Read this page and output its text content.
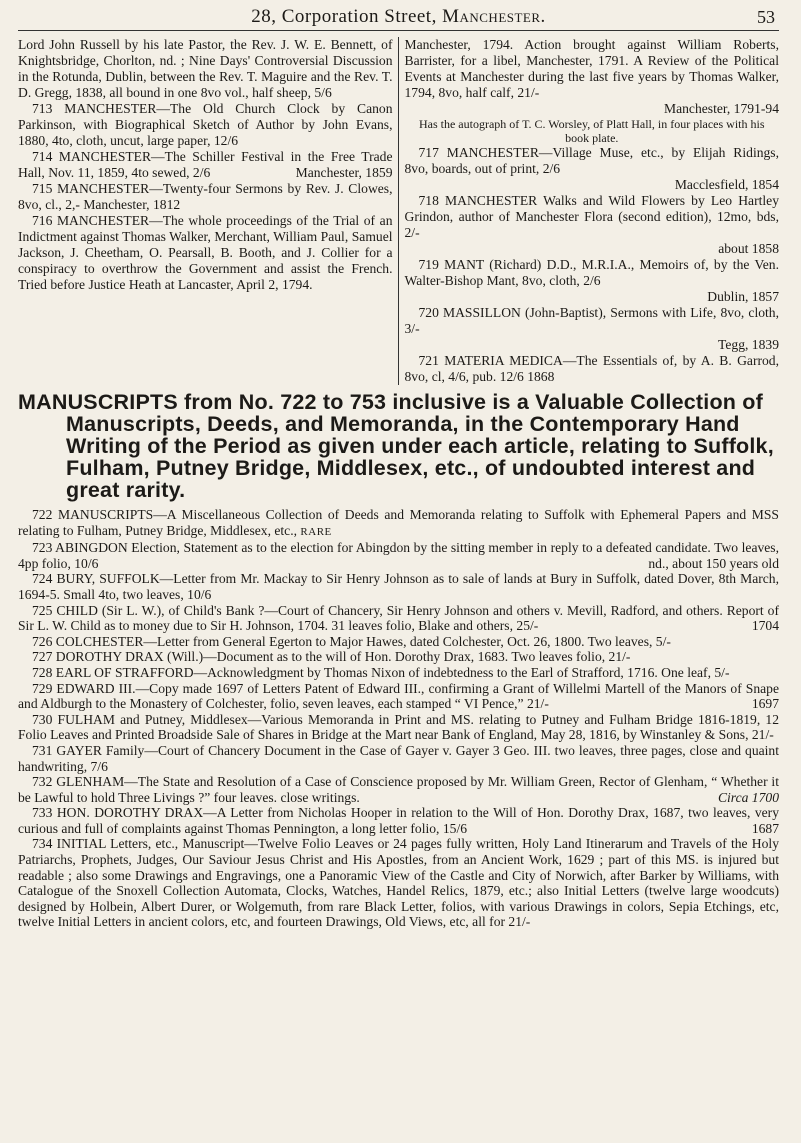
28, Corporation Street, Manchester.	53

Lord John Russell by his late Pastor, the Rev. J. W. E. Bennett, of Knightsbridge, Chorlton, nd. ; Nine Days' Controversial Discussion in the Rotunda, Dublin, between the Rev. T. Maguire and the Rev. T. D. Gregg, 1838, all bound in one 8vo vol., half sheep, 5/6

713 MANCHESTER—The Old Church Clock by Canon Parkinson, with Biographical Sketch of Author by John Evans, 1880, 4to, cloth, uncut, large paper, 12/6

714 MANCHESTER—The Schiller Festival in the Free Trade Hall, Nov. 11, 1859, 4to sewed, 2/6	Manchester, 1859

715 MANCHESTER—Twenty-four Sermons by Rev. J. Clowes, 8vo, cl., 2,- Manchester, 1812

716 MANCHESTER—The whole proceedings of the Trial of an Indictment against Thomas Walker, Merchant, William Paul, Samuel Jackson, J. Cheetham, O. Pearsall, B. Booth, and J. Collier for a conspiracy to overthrow the Government and assist the French. Tried before Justice Heath at Lancaster, April 2, 1794.

Manchester, 1794. Action brought against William Roberts, Barrister, for a libel, Manchester, 1791. A Review of the Political Events at Manchester during the last five years by Thomas Walker, 1794, 8vo, half calf, 21/-

Manchester, 1791-94

Has the autograph of T. C. Worsley, of Platt Hall, in four places with his book plate.

717 MANCHESTER—Village Muse, etc., by Elijah Ridings, 8vo, boards, out of print, 2/6

Macclesfield, 1854

718 MANCHESTER Walks and Wild Flowers by Leo Hartley Grindon, author of Manchester Flora (second edition), 12mo, bds, 2/-

about 1858

719 MANT (Richard) D.D., M.R.I.A., Memoirs of, by the Ven. Walter-Bishop Mant, 8vo, cloth, 2/6

Dublin, 1857

720 MASSILLON (John-Baptist), Sermons with Life, 8vo, cloth, 3/-

Tegg, 1839

721 MATERIA MEDICA—The Essentials of, by A. B. Garrod, 8vo, cl, 4/6, pub. 12/6 1868

MANUSCRIPTS from No. 722 to 753 inclusive is a Valuable Collection of
Manuscripts, Deeds, and Memoranda, in the Contemporary Hand Writing of the Period as given under each article, relating to Suffolk, Fulham, Putney Bridge, Middlesex, etc., of undoubted interest and great rarity.

722 MANUSCRIPTS—A Miscellaneous Collection of Deeds and Memoranda relating to Suffolk with Ephemeral Papers and MSS relating to Fulham, Putney Bridge, Middlesex, etc., RARE

723 ABINGDON Election, Statement as to the election for Abingdon by the sitting member in reply to a defeated candidate. Two leaves, 4pp folio, 10/6	nd., about 150 years old

724 BURY, SUFFOLK—Letter from Mr. Mackay to Sir Henry Johnson as to sale of lands at Bury in Suffolk, dated Dover, 8th March, 1694-5. Small 4to, two leaves, 10/6

725 CHILD (Sir L. W.), of Child's Bank ?—Court of Chancery, Sir Henry Johnson and others v. Mevill, Radford, and others. Report of Sir L. W. Child as to money due to Sir H. Johnson, 1704. 31 leaves folio, Blake and others, 25/-	1704

726 COLCHESTER—Letter from General Egerton to Major Hawes, dated Colchester, Oct. 26, 1800. Two leaves, 5/-

727 DOROTHY DRAX (Will.)—Document as to the will of Hon. Dorothy Drax, 1683. Two leaves folio, 21/-

728 EARL OF STRAFFORD—Acknowledgment by Thomas Nixon of indebtedness to the Earl of Strafford, 1716. One leaf, 5/-

729 EDWARD III.—Copy made 1697 of Letters Patent of Edward III., confirming a Grant of Willelmi Martell of the Manors of Snape and Aldburgh to the Monastery of Colchester, folio, seven leaves, each stamped “ VI Pence,” 21/-	1697

730 FULHAM and Putney, Middlesex—Various Memoranda in Print and MS. relating to Putney and Fulham Bridge 1816-1819, 12 Folio Leaves and Printed Broadside Sale of Shares in Bridge at the Mart near Bank of England, May 28, 1816, by Winstanley & Sons, 21/-

731 GAYER Family—Court of Chancery Document in the Case of Gayer v. Gayer 3 Geo. III. two leaves, three pages, close and quaint handwriting, 7/6

732 GLENHAM—The State and Resolution of a Case of Conscience proposed by Mr. William Green, Rector of Glenham, “ Whether it be Lawful to hold Three Livings ?” four leaves. close writings.	Circa 1700

733 HON. DOROTHY DRAX—A Letter from Nicholas Hooper in relation to the Will of Hon. Dorothy Drax, 1687, two leaves, very curious and full of complaints against Thomas Pennington, a long letter folio, 15/6	1687

734 INITIAL Letters, etc., Manuscript—Twelve Folio Leaves or 24 pages fully written, Holy Land Itinerarum and Travels of the Holy Patriarchs, Prophets, Judges, Our Saviour Jesus Christ and His Apostles, from an Ancient Work, 1629 ; part of this MS. is injured but readable ; also some Drawings and Engravings, one a Panoramic View of the Castle and City of Norwich, after Barker by Williams, with Catalogue of the Snoxell Collection Automata, Clocks, Watches, Handel Relics, 1879, etc.; also Initial Letters (twelve large woodcuts) designed by Holbein, Albert Durer, or Wolgemuth, from rare Black Letter, folios, with various Drawings in colors, Sepia Etchings, etc, twelve Initial Letters in ancient colors, etc, and fourteen Drawings, Old Views, etc, all for 21/-
